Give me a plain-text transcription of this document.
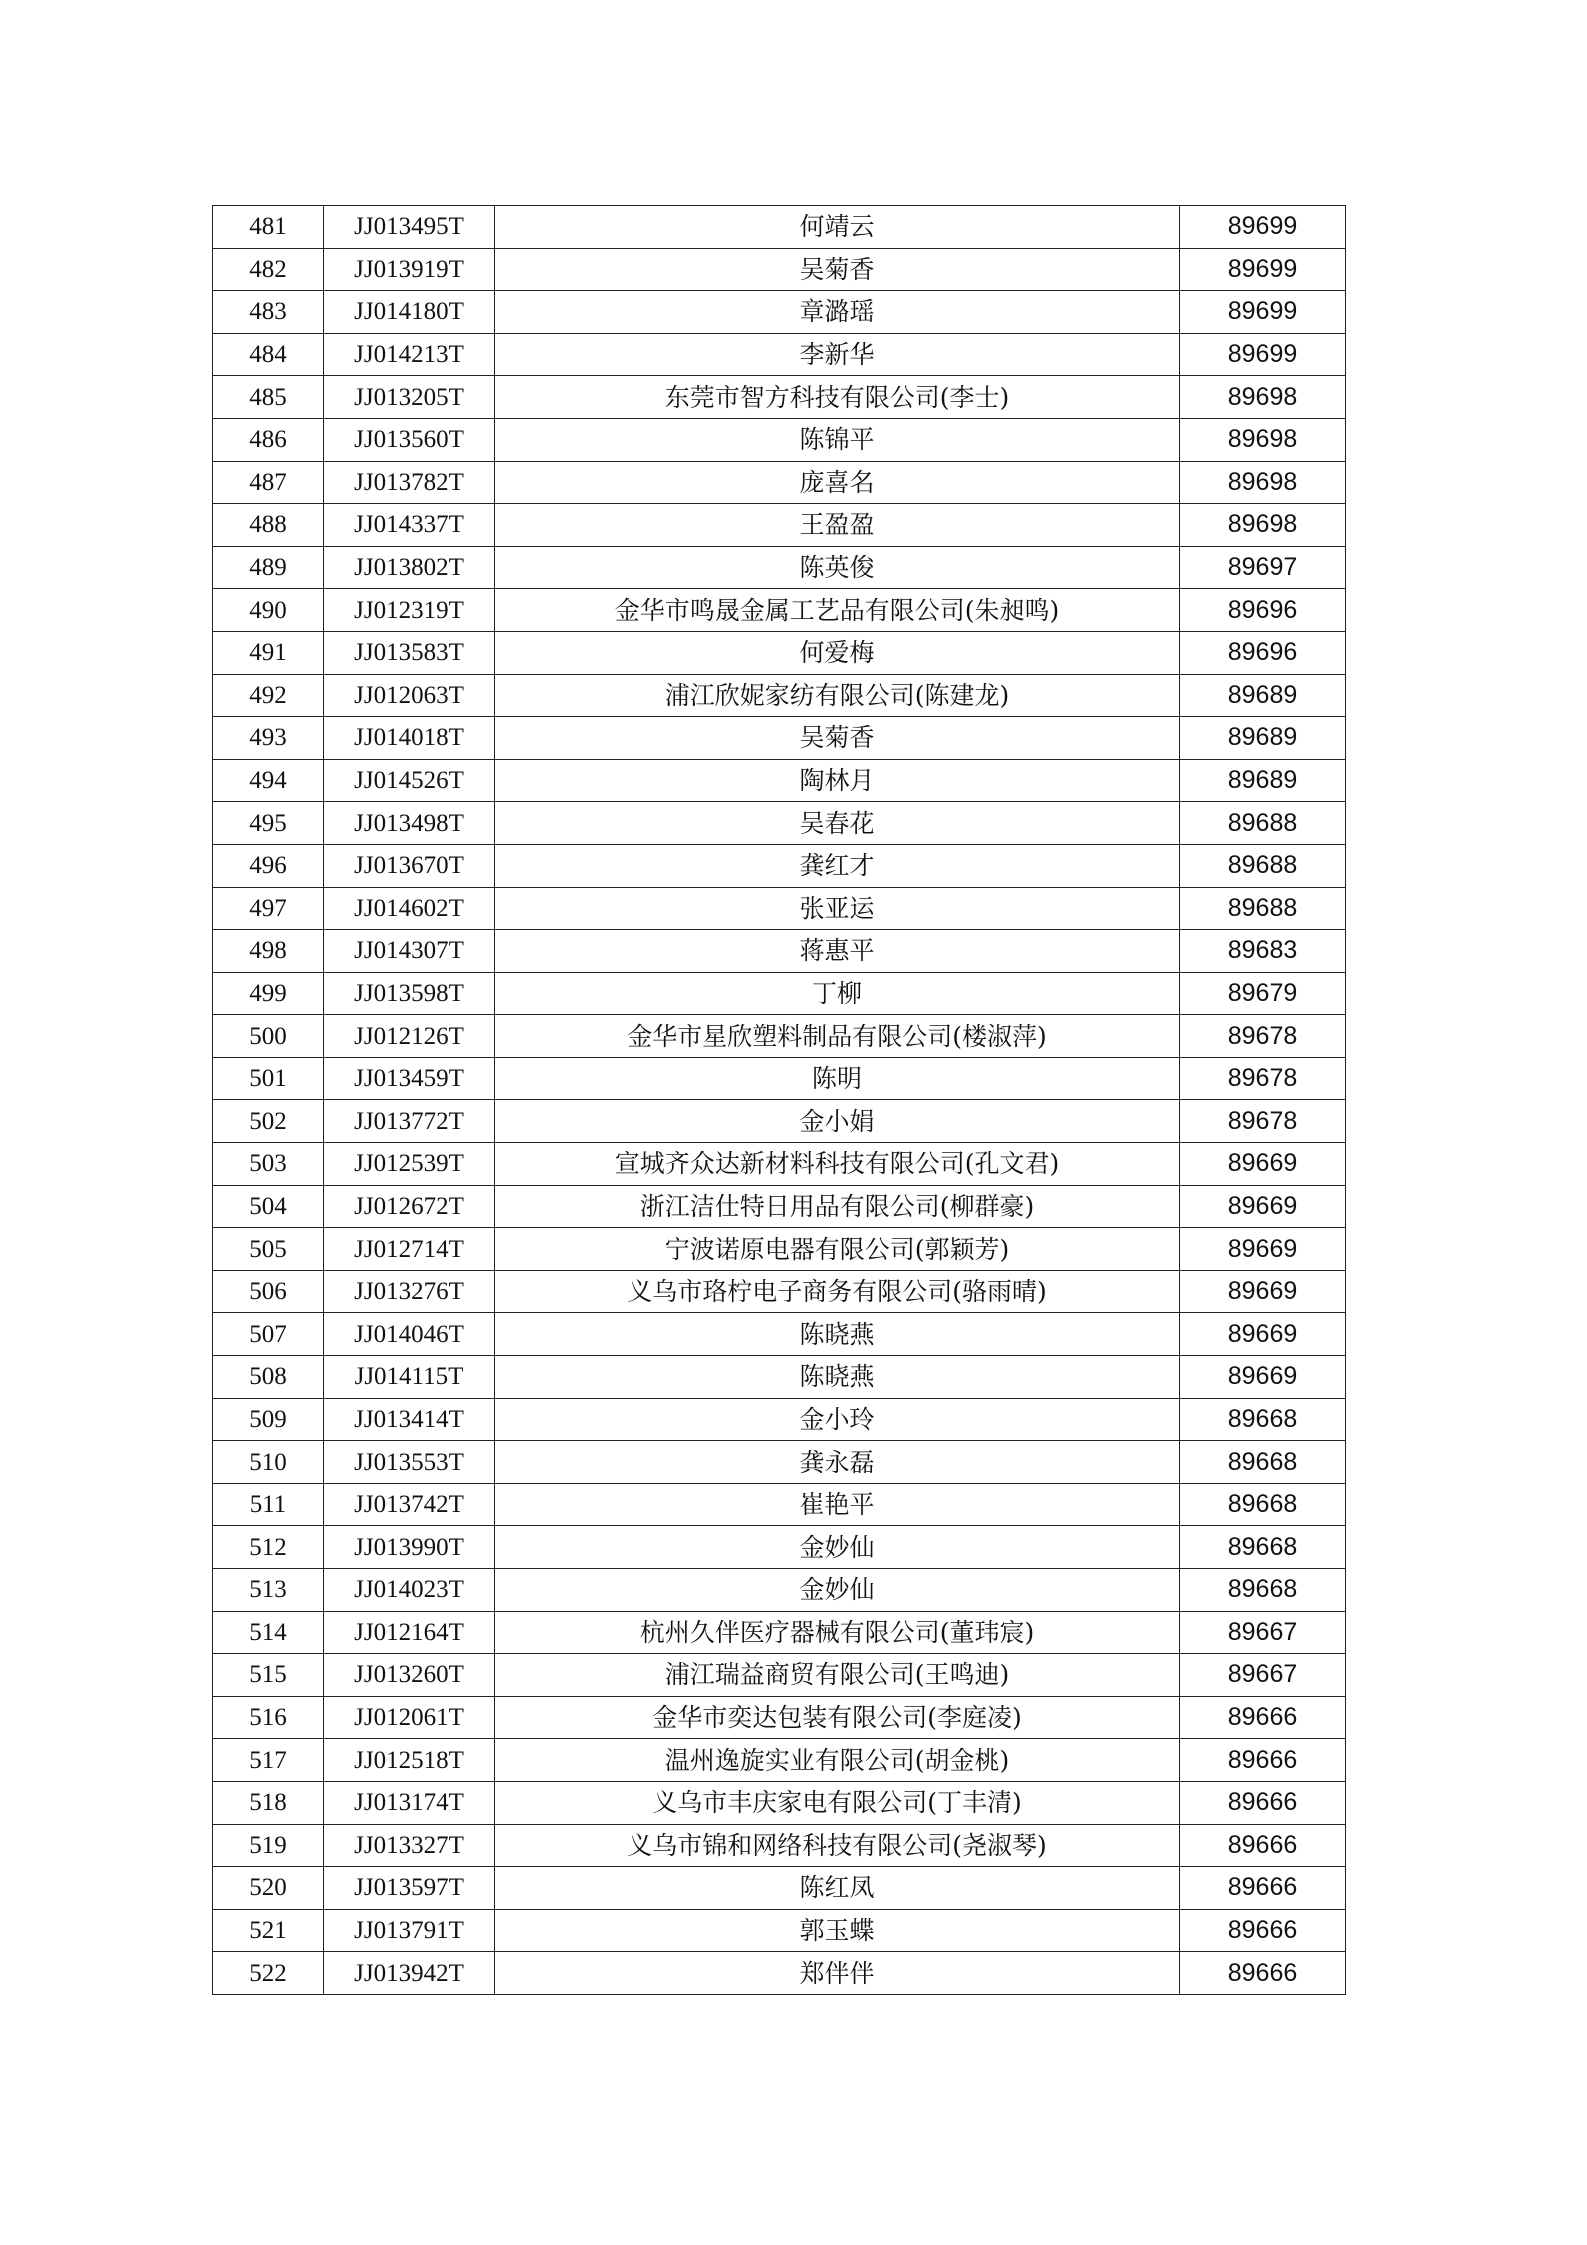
481	JJ013495T	何靖云	89699
482	JJ013919T	吴菊香	89699
483	JJ014180T	章潞瑶	89699
484	JJ014213T	李新华	89699
485	JJ013205T	东莞市智方科技有限公司(李士)	89698
486	JJ013560T	陈锦平	89698
487	JJ013782T	庞喜名	89698
488	JJ014337T	王盈盈	89698
489	JJ013802T	陈英俊	89697
490	JJ012319T	金华市鸣晟金属工艺品有限公司(朱昶鸣)	89696
491	JJ013583T	何爱梅	89696
492	JJ012063T	浦江欣妮家纺有限公司(陈建龙)	89689
493	JJ014018T	吴菊香	89689
494	JJ014526T	陶林月	89689
495	JJ013498T	吴春花	89688
496	JJ013670T	龚红才	89688
497	JJ014602T	张亚运	89688
498	JJ014307T	蒋惠平	89683
499	JJ013598T	丁柳	89679
500	JJ012126T	金华市星欣塑料制品有限公司(楼淑萍)	89678
501	JJ013459T	陈明	89678
502	JJ013772T	金小娟	89678
503	JJ012539T	宣城齐众达新材料科技有限公司(孔文君)	89669
504	JJ012672T	浙江洁仕特日用品有限公司(柳群豪)	89669
505	JJ012714T	宁波诺原电器有限公司(郭颖芳)	89669
506	JJ013276T	义乌市珞柠电子商务有限公司(骆雨晴)	89669
507	JJ014046T	陈晓燕	89669
508	JJ014115T	陈晓燕	89669
509	JJ013414T	金小玲	89668
510	JJ013553T	龚永磊	89668
511	JJ013742T	崔艳平	89668
512	JJ013990T	金妙仙	89668
513	JJ014023T	金妙仙	89668
514	JJ012164T	杭州久伴医疗器械有限公司(董玮宸)	89667
515	JJ013260T	浦江瑞益商贸有限公司(王鸣迪)	89667
516	JJ012061T	金华市奕达包装有限公司(李庭凌)	89666
517	JJ012518T	温州逸旋实业有限公司(胡金桃)	89666
518	JJ013174T	义乌市丰庆家电有限公司(丁丰清)	89666
519	JJ013327T	义乌市锦和网络科技有限公司(尧淑琴)	89666
520	JJ013597T	陈红凤	89666
521	JJ013791T	郭玉蝶	89666
522	JJ013942T	郑伴伴	89666
